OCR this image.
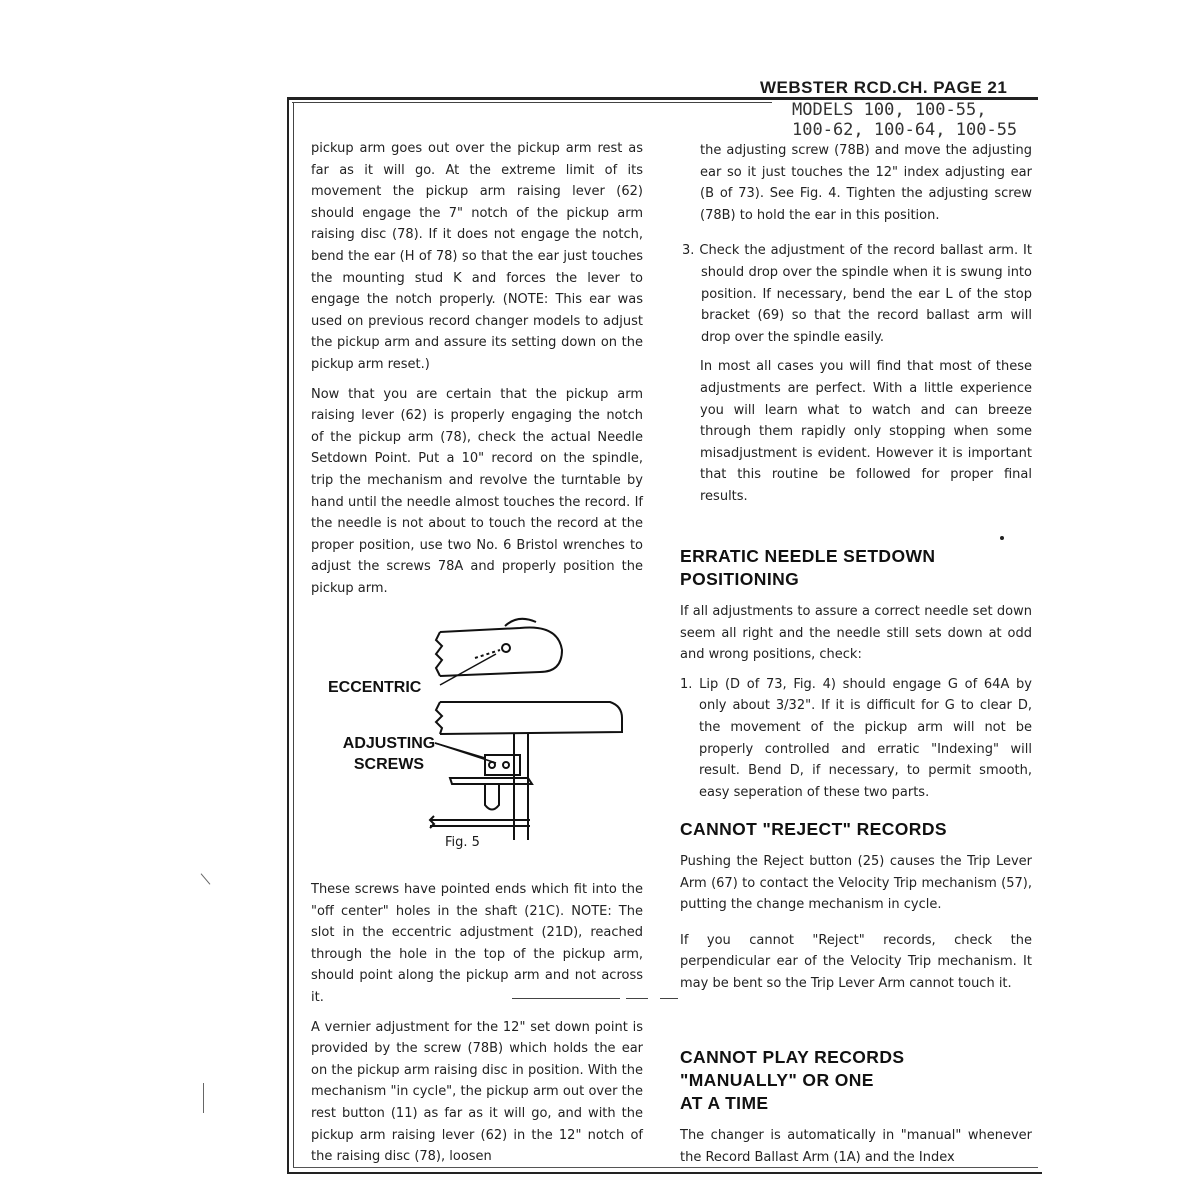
WEBSTER RCD.CH. PAGE 21
MODELS 100, 100-55,
100-62, 100-64, 100-55

pickup arm goes out over the pickup arm rest as far as it will go. At the extreme limit of its movement the pickup arm raising lever (62) should engage the 7" notch of the pickup arm raising disc (78). If it does not engage the notch, bend the ear (H of 78) so that the ear just touches the mounting stud K and forces the lever to engage the notch properly. (NOTE: This ear was used on previous record changer models to adjust the pickup arm and assure its setting down on the pickup arm reset.)

Now that you are certain that the pickup arm raising lever (62) is properly engaging the notch of the pickup arm (78), check the actual Needle Setdown Point. Put a 10" record on the spindle, trip the mechanism and revolve the turntable by hand until the needle almost touches the record. If the needle is not about to touch the record at the proper position, use two No. 6 Bristol wrenches to adjust the screws 78A and properly position the pickup arm.

ECCENTRIC
ADJUSTING
SCREWS
Fig. 5

These screws have pointed ends which fit into the "off center" holes in the shaft (21C). NOTE: The slot in the eccentric adjustment (21D), reached through the hole in the top of the pickup arm, should point along the pickup arm and not across it.

A vernier adjustment for the 12" set down point is provided by the screw (78B) which holds the ear on the pickup arm raising disc in position. With the mechanism "in cycle", the pickup arm out over the rest button (11) as far as it will go, and with the pickup arm raising lever (62) in the 12" notch of the raising disc (78), loosen

the adjusting screw (78B) and move the adjusting ear so it just touches the 12" index adjusting ear (B of 73). See Fig. 4. Tighten the adjusting screw (78B) to hold the ear in this position.

3. Check the adjustment of the record ballast arm. It should drop over the spindle when it is swung into position. If necessary, bend the ear L of the stop bracket (69) so that the record ballast arm will drop over the spindle easily.

In most all cases you will find that most of these adjustments are perfect. With a little experience you will learn what to watch and can breeze through them rapidly only stopping when some misadjustment is evident. However it is important that this routine be followed for proper final results.

ERRATIC NEEDLE SETDOWN
POSITIONING

If all adjustments to assure a correct needle set down seem all right and the needle still sets down at odd and wrong positions, check:

1. Lip (D of 73, Fig. 4) should engage G of 64A by only about 3/32". If it is difficult for G to clear D, the movement of the pickup arm will not be properly controlled and erratic "Indexing" will result. Bend D, if necessary, to permit smooth, easy seperation of these two parts.

CANNOT "REJECT" RECORDS

Pushing the Reject button (25) causes the Trip Lever Arm (67) to contact the Velocity Trip mechanism (57), putting the change mechanism in cycle.

If you cannot "Reject" records, check the perpendicular ear of the Velocity Trip mechanism. It may be bent so the Trip Lever Arm cannot touch it.

CANNOT PLAY RECORDS
"MANUALLY" OR ONE
AT A TIME

The changer is automatically in "manual" whenever the Record Ballast Arm (1A) and the Index
